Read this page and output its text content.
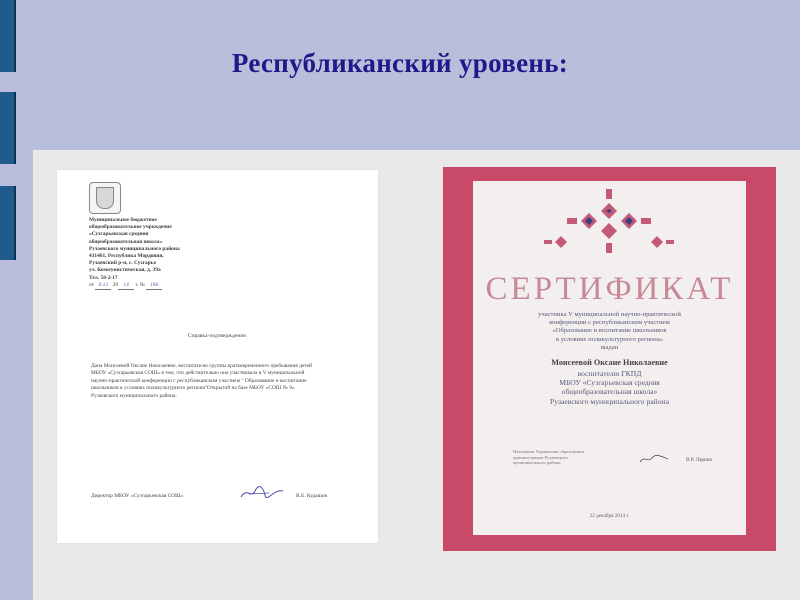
Республиканский уровень:
Муниципальное бюджетное
общеобразовательное учреждение
«Сузгарьевская средняя
общеобразовательная школа»
Рузаевского муниципального района
431461, Республика Мордовия,
Рузаевский р-н, с. Сузгарье
ул. Коммунистическая, д. 39а
Тел. 58-2-17
от 8.12 20 14 г. № 186
Справка-подтверждение.
Дана Моисеевой Оксане Николаевне, воспитателю группы кратковременного пребывания детей
МБОУ «Сузгарьевская СОШ» в том, что действительно она участвовала в V муниципальной
научно-практической конференции с республиканским участием " Образование и воспитание
школьников в условиях поликультурного региона"Открытой на базе МБОУ «СОШ № 9»
Рузаевского муниципального района.
Директор МБОУ «Сузгарьевская СОШ»	В.Е. Кудашов
СЕРТИФИКАТ
участника V муниципальной научно-практической
конференции с республиканским участием
«Образование и воспитание школьников
в условиях поликультурного региона»
выдан
Моисеевой Оксане Николаевне
воспитателю ГКПД
МБОУ «Сузгарьевская средняя
общеобразовательная школа»
Рузаевского муниципального района
Начальник Управления образования
администрации Рузаевского
муниципального района	В.Р. Ларина
22 декабря 2014 г.
